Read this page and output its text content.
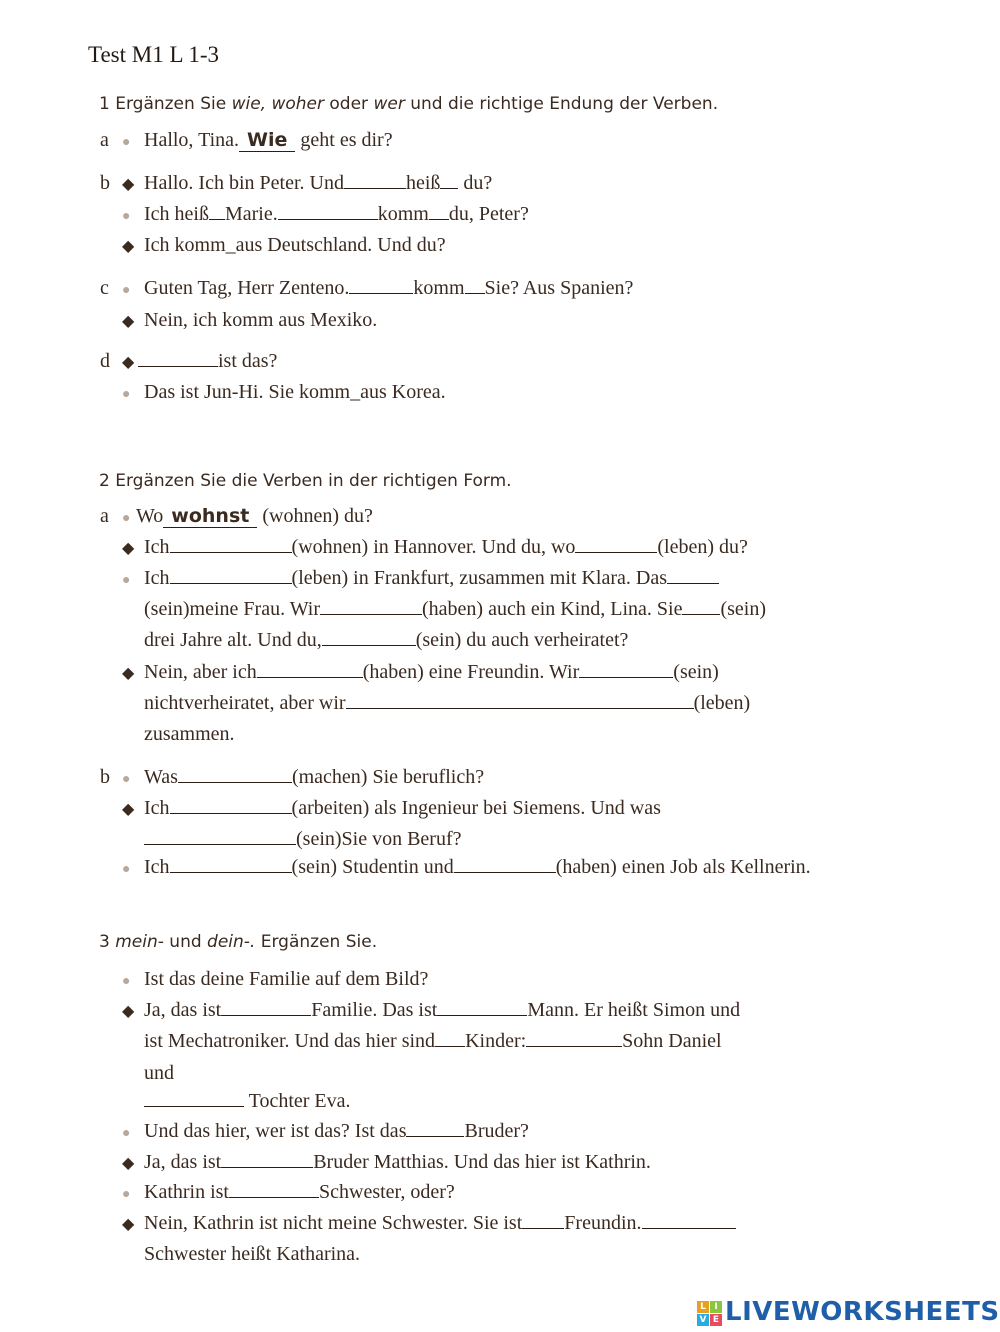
Test M1 L 1-3
1 Ergänzen Sie wie, woher oder wer und die richtige Endung der Verben.
a ● Hallo, Tina. Wie geht es dir?
b ◆ Hallo. Ich bin Peter. Und	heiß du?
● Ich heiß Marie.	komm du, Peter?
◆ Ich komm_aus Deutschland. Und du?
c ● Guten Tag, Herr Zenteno.	komm Sie? Aus Spanien?
◆ Nein, ich komm aus Mexiko.
d ◆	ist das?
● Das ist Jun-Hi. Sie komm_aus Korea.
2 Ergänzen Sie die Verben in der richtigen Form.
a ● Wo wohnst (wohnen) du?
◆ Ich	(wohnen) in Hannover. Und du, wo	(leben) du?
● Ich	(leben) in Frankfurt, zusammen mit Klara. Das
(sein)meine Frau. Wir	(haben) auch ein Kind, Lina. Sie (sein)
drei Jahre alt. Und du,	(sein) du auch verheiratet?
◆ Nein, aber ich	(haben) eine Freundin. Wir	(sein)
nichtverheiratet, aber wir	(leben)
zusammen.
b ● Was	(machen) Sie beruflich?
◆ Ich	(arbeiten) als Ingenieur bei Siemens. Und was
(sein)Sie von Beruf?
● Ich	(sein) Studentin und	(haben) einen Job als Kellnerin.
3 mein- und dein-. Ergänzen Sie.
● Ist das deine Familie auf dem Bild?
◆ Ja, das ist	Familie. Das ist	Mann. Er heißt Simon und
ist Mechatroniker. Und das hier sind Kinder:	Sohn Daniel
und
Tochter Eva.
● Und das hier, wer ist das? Ist das	Bruder?
◆ Ja, das ist	Bruder Matthias. Und das hier ist Kathrin.
● Kathrin ist	Schwester, oder?
◆ Nein, Kathrin ist nicht meine Schwester. Sie ist Freundin.
Schwester heißt Katharina.
L I
V E LIVEWORKSHEETS
